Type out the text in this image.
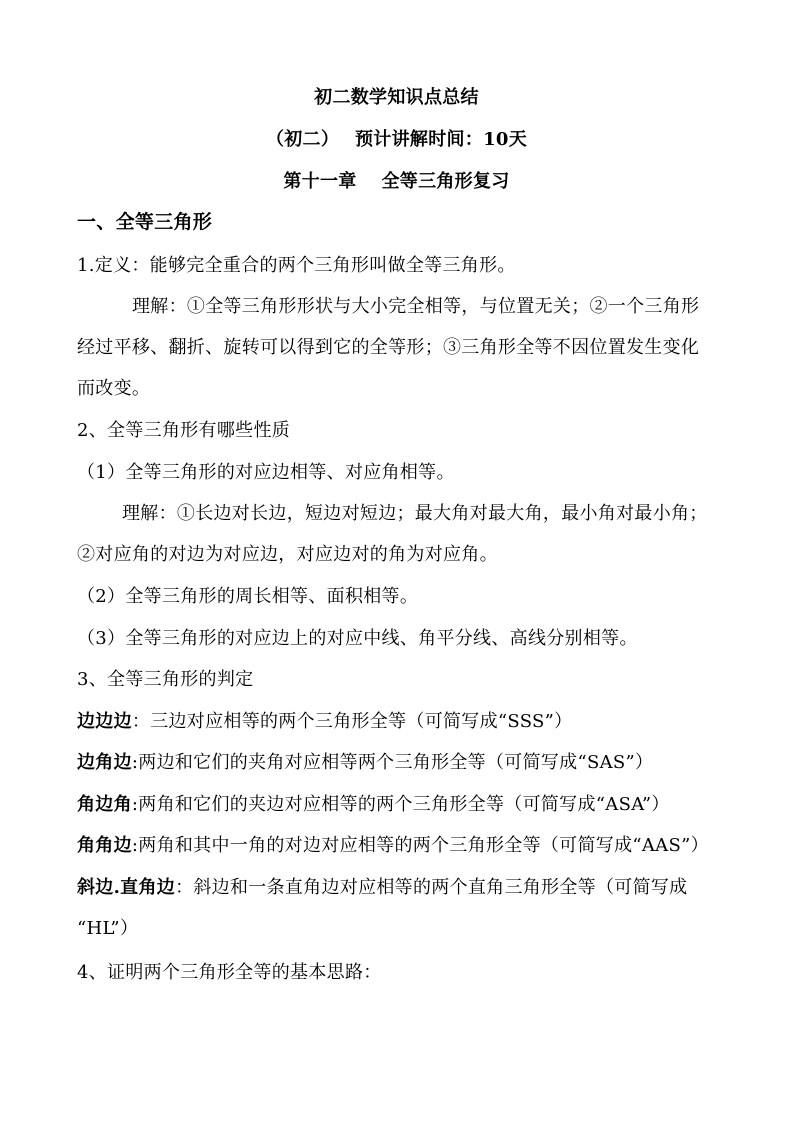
初二数学知识点总结
（初二）　 预计讲解时间：10天
第十一章　 全等三角形复习
一、全等三角形
1.定义：能够完全重合的两个三角形叫做全等三角形。
理解：①全等三角形形状与大小完全相等，与位置无关；②一个三角形
经过平移、翻折、旋转可以得到它的全等形；③三角形全等不因位置发生变化
而改变。
2、全等三角形有哪些性质
（1）全等三角形的对应边相等、对应角相等。
理解：①长边对长边，短边对短边；最大角对最大角，最小角对最小角；
②对应角的对边为对应边，对应边对的角为对应角。
（2）全等三角形的周长相等、面积相等。
（3）全等三角形的对应边上的对应中线、角平分线、高线分别相等。
3、全等三角形的判定
边边边：三边对应相等的两个三角形全等（可简写成“SSS”）
边角边:两边和它们的夹角对应相等两个三角形全等（可简写成“SAS”）
角边角:两角和它们的夹边对应相等的两个三角形全等（可简写成“ASA”）
角角边:两角和其中一角的对边对应相等的两个三角形全等（可简写成“AAS”）
斜边.直角边：斜边和一条直角边对应相等的两个直角三角形全等（可简写成
“HL”）
4、证明两个三角形全等的基本思路：
